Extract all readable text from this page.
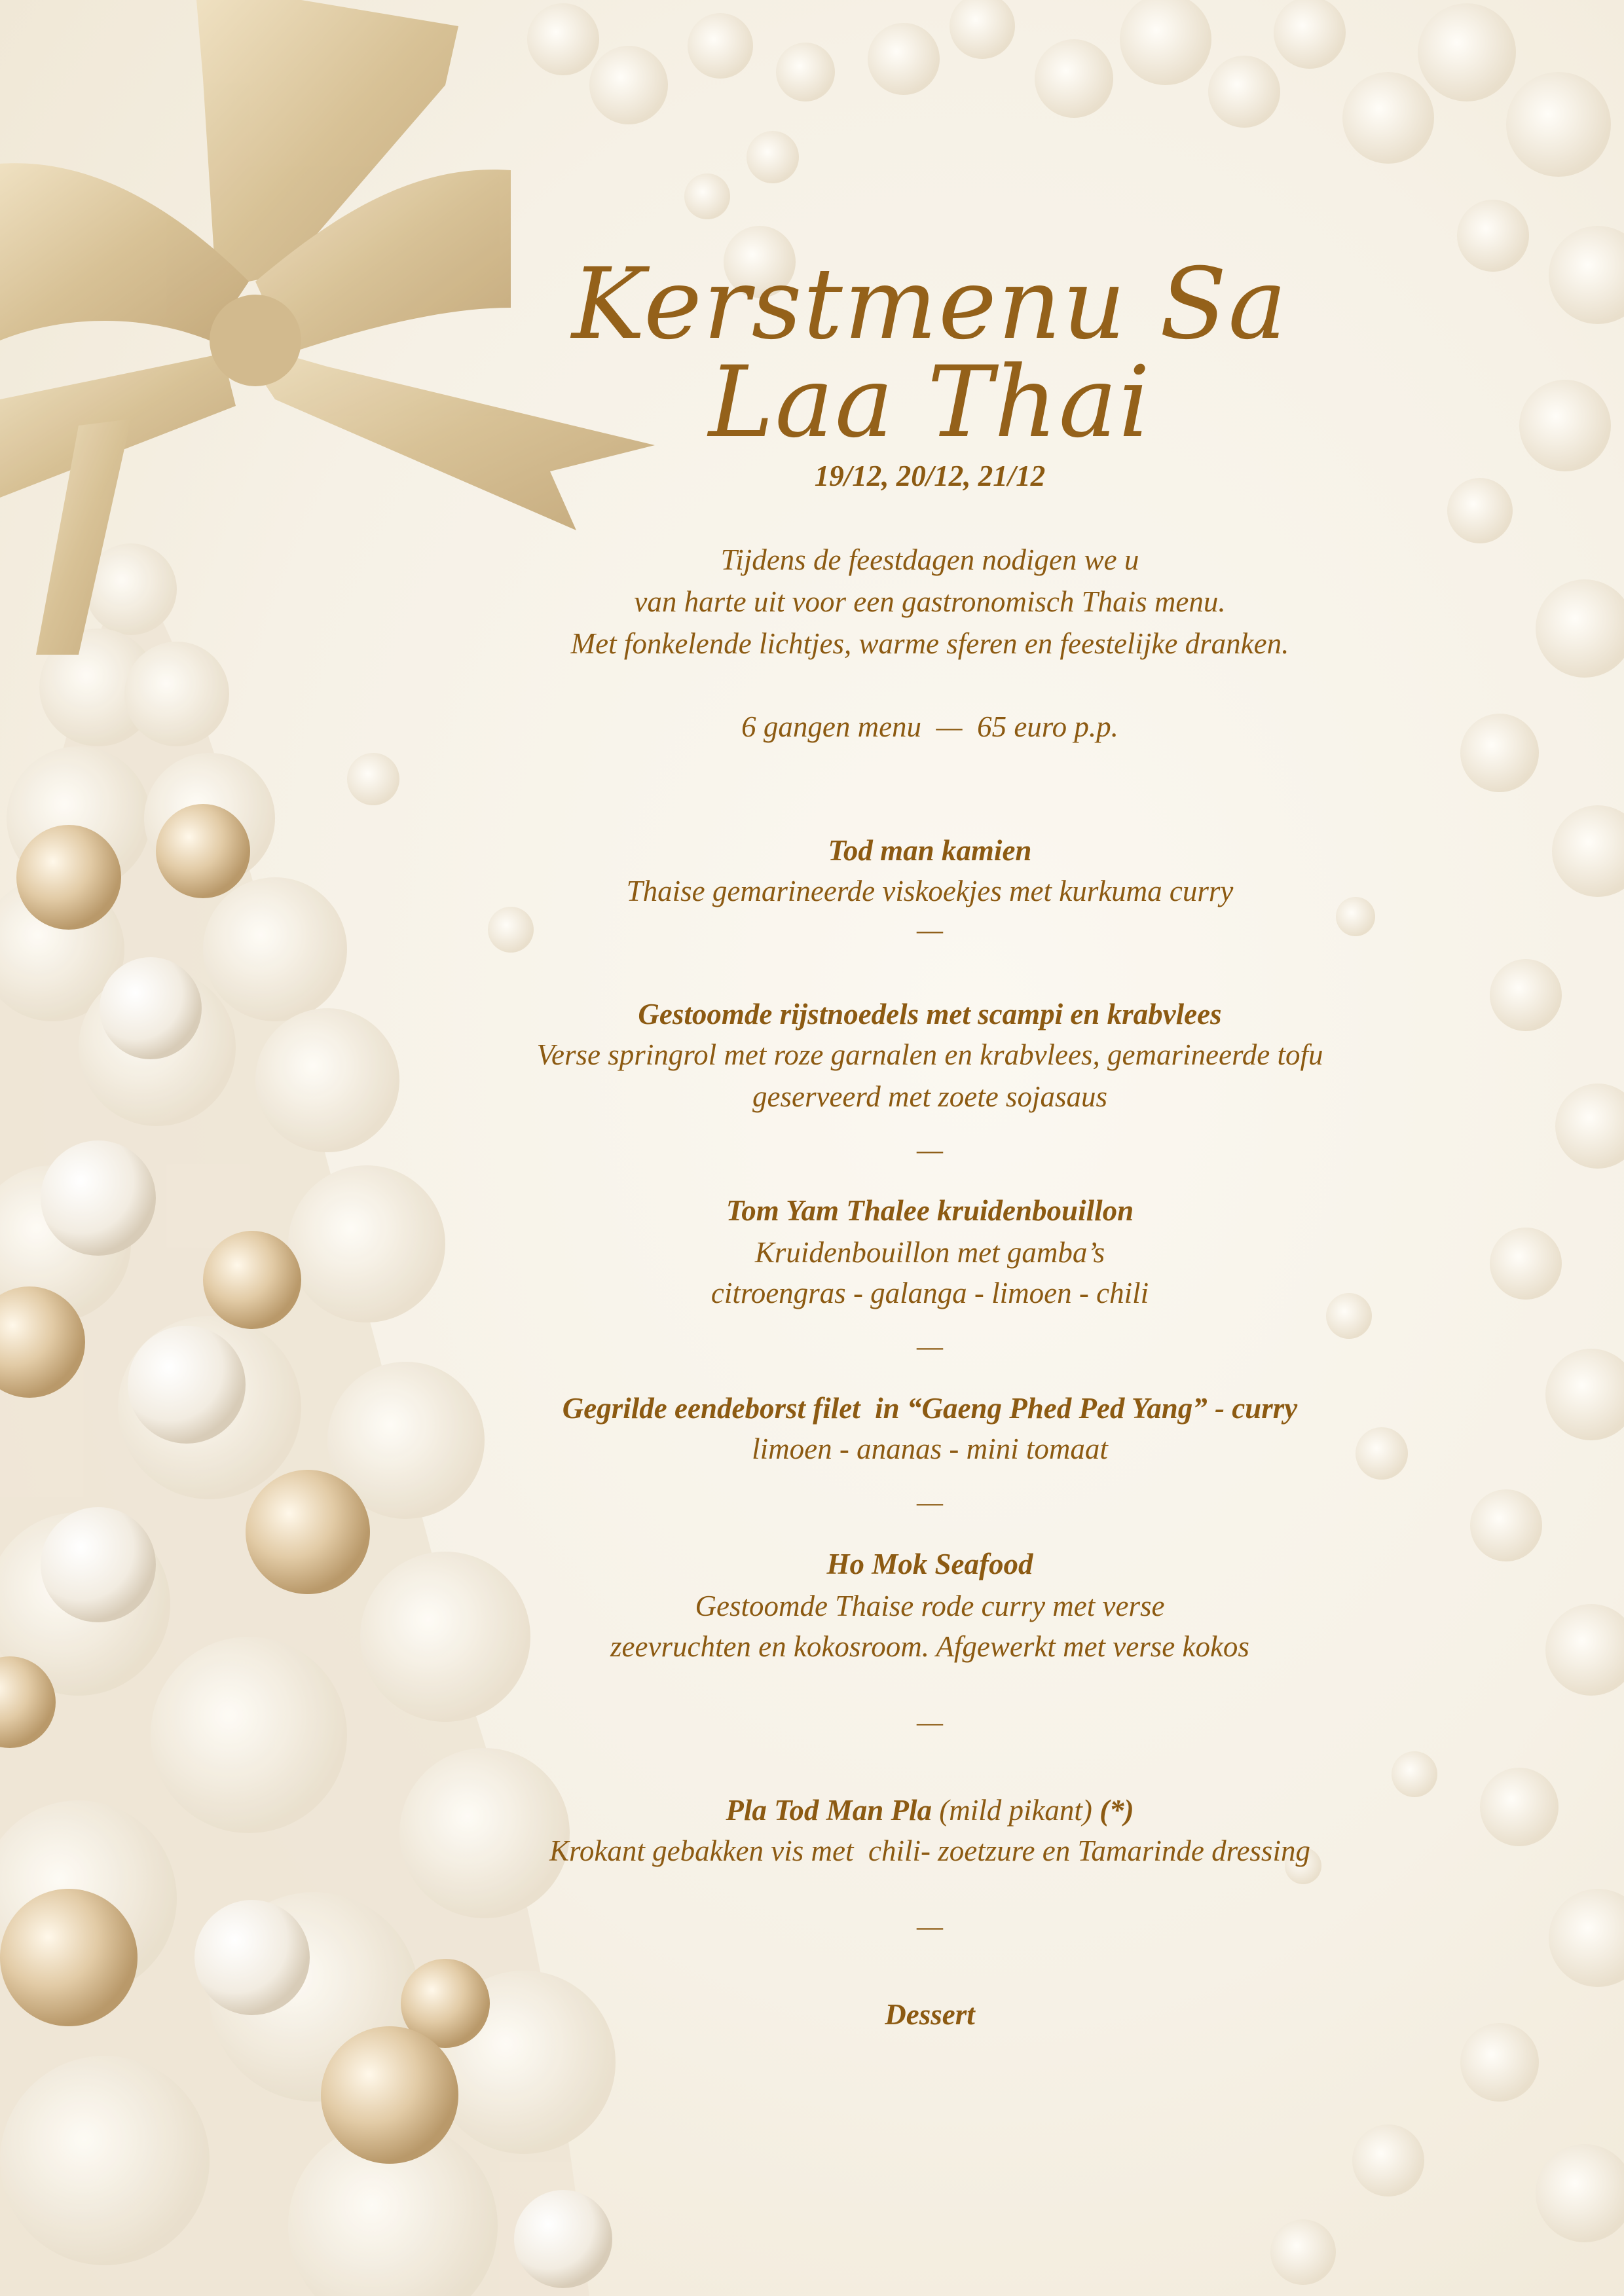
Kerstmenu Sa Laa Thai
19/12, 20/12, 21/12
Tijdens de feestdagen nodigen we u
van harte uit voor een gastronomisch Thais menu.
Met fonkelende lichtjes, warme sferen en feestelijke dranken.
6 gangen menu  —  65 euro p.p.
Tod man kamien
Thaise gemarineerde viskoekjes met kurkuma curry
—
Gestoomde rijstnoedels met scampi en krabvlees
Verse springrol met roze garnalen en krabvlees, gemarineerde tofu
geserveerd met zoete sojasaus
—
Tom Yam Thalee kruidenbouillon
Kruidenbouillon met gamba’s
citroengras - galanga - limoen - chili
—
Gegrilde eendeborst filet  in “Gaeng Phed Ped Yang” - curry
limoen - ananas - mini tomaat
—
Ho Mok Seafood
Gestoomde Thaise rode curry met verse
zeevruchten en kokosroom. Afgewerkt met verse kokos
—
Pla Tod Man Pla (mild pikant) (*)
Krokant gebakken vis met  chili- zoetzure en Tamarinde dressing
—
Dessert
